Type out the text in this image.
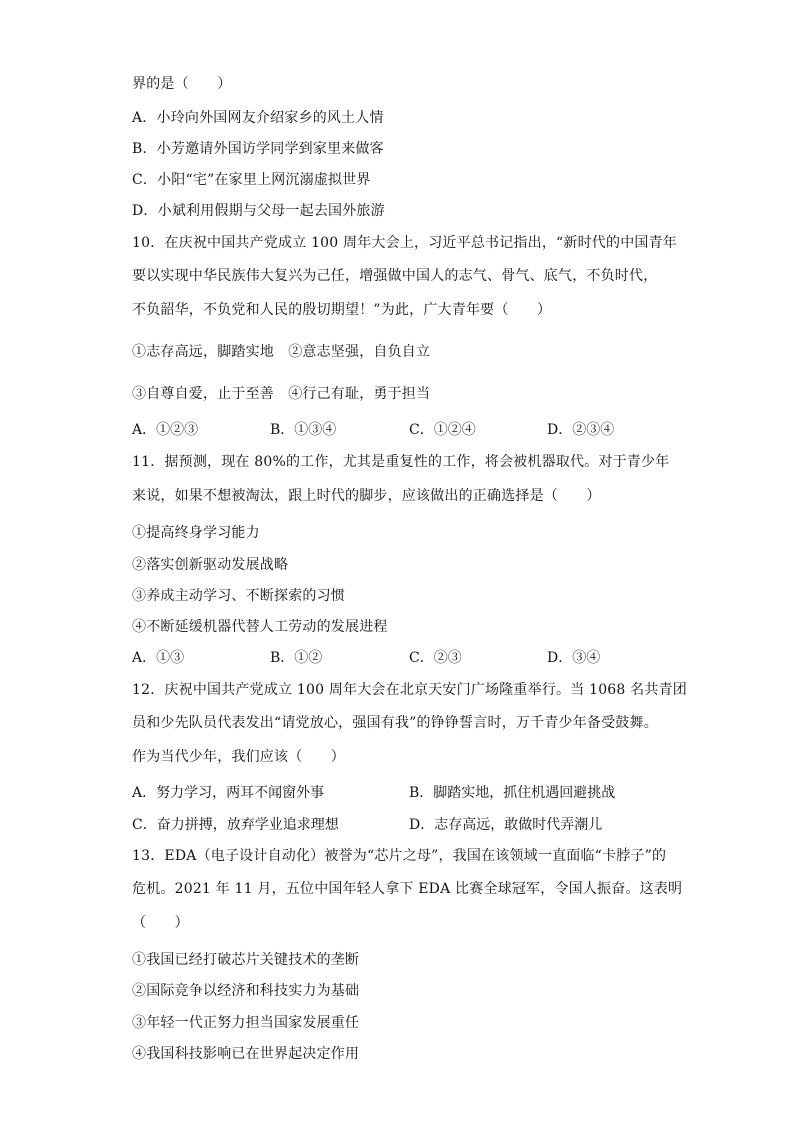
界的是（　　）
A．小玲向外国网友介绍家乡的风土人情
B．小芳邀请外国访学同学到家里来做客
C．小阳“宅”在家里上网沉溺虚拟世界
D．小斌利用假期与父母一起去国外旅游
10．在庆祝中国共产党成立 100 周年大会上，习近平总书记指出，“新时代的中国青年
要以实现中华民族伟大复兴为己任，增强做中国人的志气、骨气、底气，不负时代，
不负韶华，不负党和人民的殷切期望！”为此，广大青年要（　　）
①志存高远，脚踏实地　②意志坚强，自负自立
③自尊自爱，止于至善　④行己有耻，勇于担当
A．①②③	B．①③④	C．①②④	D．②③④
11．据预测，现在 80%的工作，尤其是重复性的工作，将会被机器取代。对于青少年
来说，如果不想被淘汰，跟上时代的脚步，应该做出的正确选择是（　　）
①提高终身学习能力
②落实创新驱动发展战略
③养成主动学习、不断探索的习惯
④不断延缓机器代替人工劳动的发展进程
A．①③	B．①②	C．②③	D．③④
12．庆祝中国共产党成立 100 周年大会在北京天安门广场隆重举行。当 1068 名共青团
员和少先队员代表发出“请党放心，强国有我”的铮铮誓言时，万千青少年备受鼓舞。
作为当代少年，我们应该（　　）
A．努力学习，两耳不闻窗外事	B．脚踏实地，抓住机遇回避挑战
C．奋力拼搏，放弃学业追求理想	D．志存高远，敢做时代弄潮儿
13．EDA（电子设计自动化）被誉为“芯片之母”，我国在该领域一直面临“卡脖子”的
危机。2021 年 11 月，五位中国年轻人拿下 EDA 比赛全球冠军，令国人振奋。这表明
（　　）
①我国已经打破芯片关键技术的垄断
②国际竞争以经济和科技实力为基础
③年轻一代正努力担当国家发展重任
④我国科技影响已在世界起决定作用
